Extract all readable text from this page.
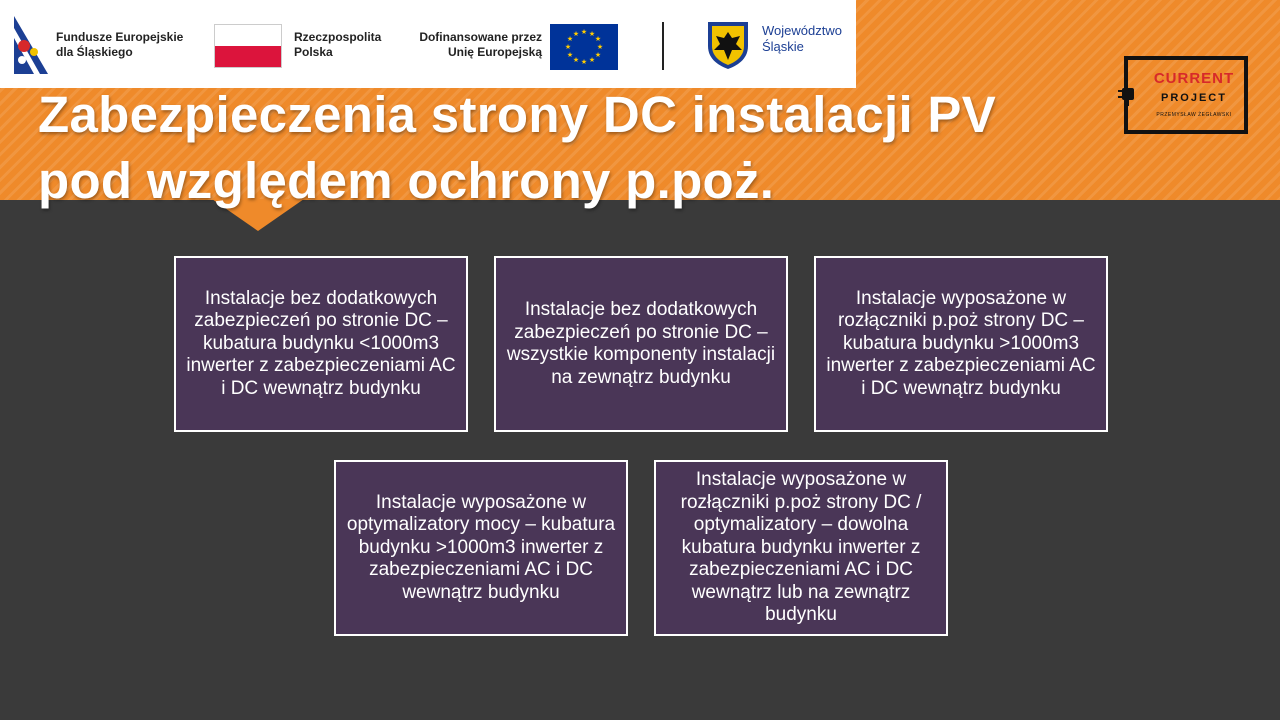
Fundusze Europejskie
dla Śląskiego
Rzeczpospolita
Polska
Dofinansowane przez
Unię Europejską
★ ★
★
★
★
★
★
★
★
★
★
★	Województwo
Śląskie
Zabezpieczenia strony DC instalacji PV
pod względem ochrony p.poż.
CURRENT
PROJECT
PRZEMYSŁAW ŻEGŁAWSKI
Instalacje bez dodatkowych zabezpieczeń po stronie DC – kubatura budynku <1000m3 inwerter z zabezpieczeniami AC i DC wewnątrz budynku
Instalacje bez dodatkowych zabezpieczeń po stronie DC – wszystkie komponenty instalacji na zewnątrz budynku
Instalacje wyposażone w rozłączniki p.poż strony DC – kubatura budynku >1000m3 inwerter z zabezpieczeniami AC i DC wewnątrz budynku
Instalacje wyposażone w optymalizatory mocy – kubatura budynku >1000m3 inwerter z zabezpieczeniami AC i DC wewnątrz budynku
Instalacje wyposażone w rozłączniki p.poż strony DC / optymalizatory – dowolna kubatura budynku inwerter z zabezpieczeniami AC i DC wewnątrz lub na zewnątrz budynku
